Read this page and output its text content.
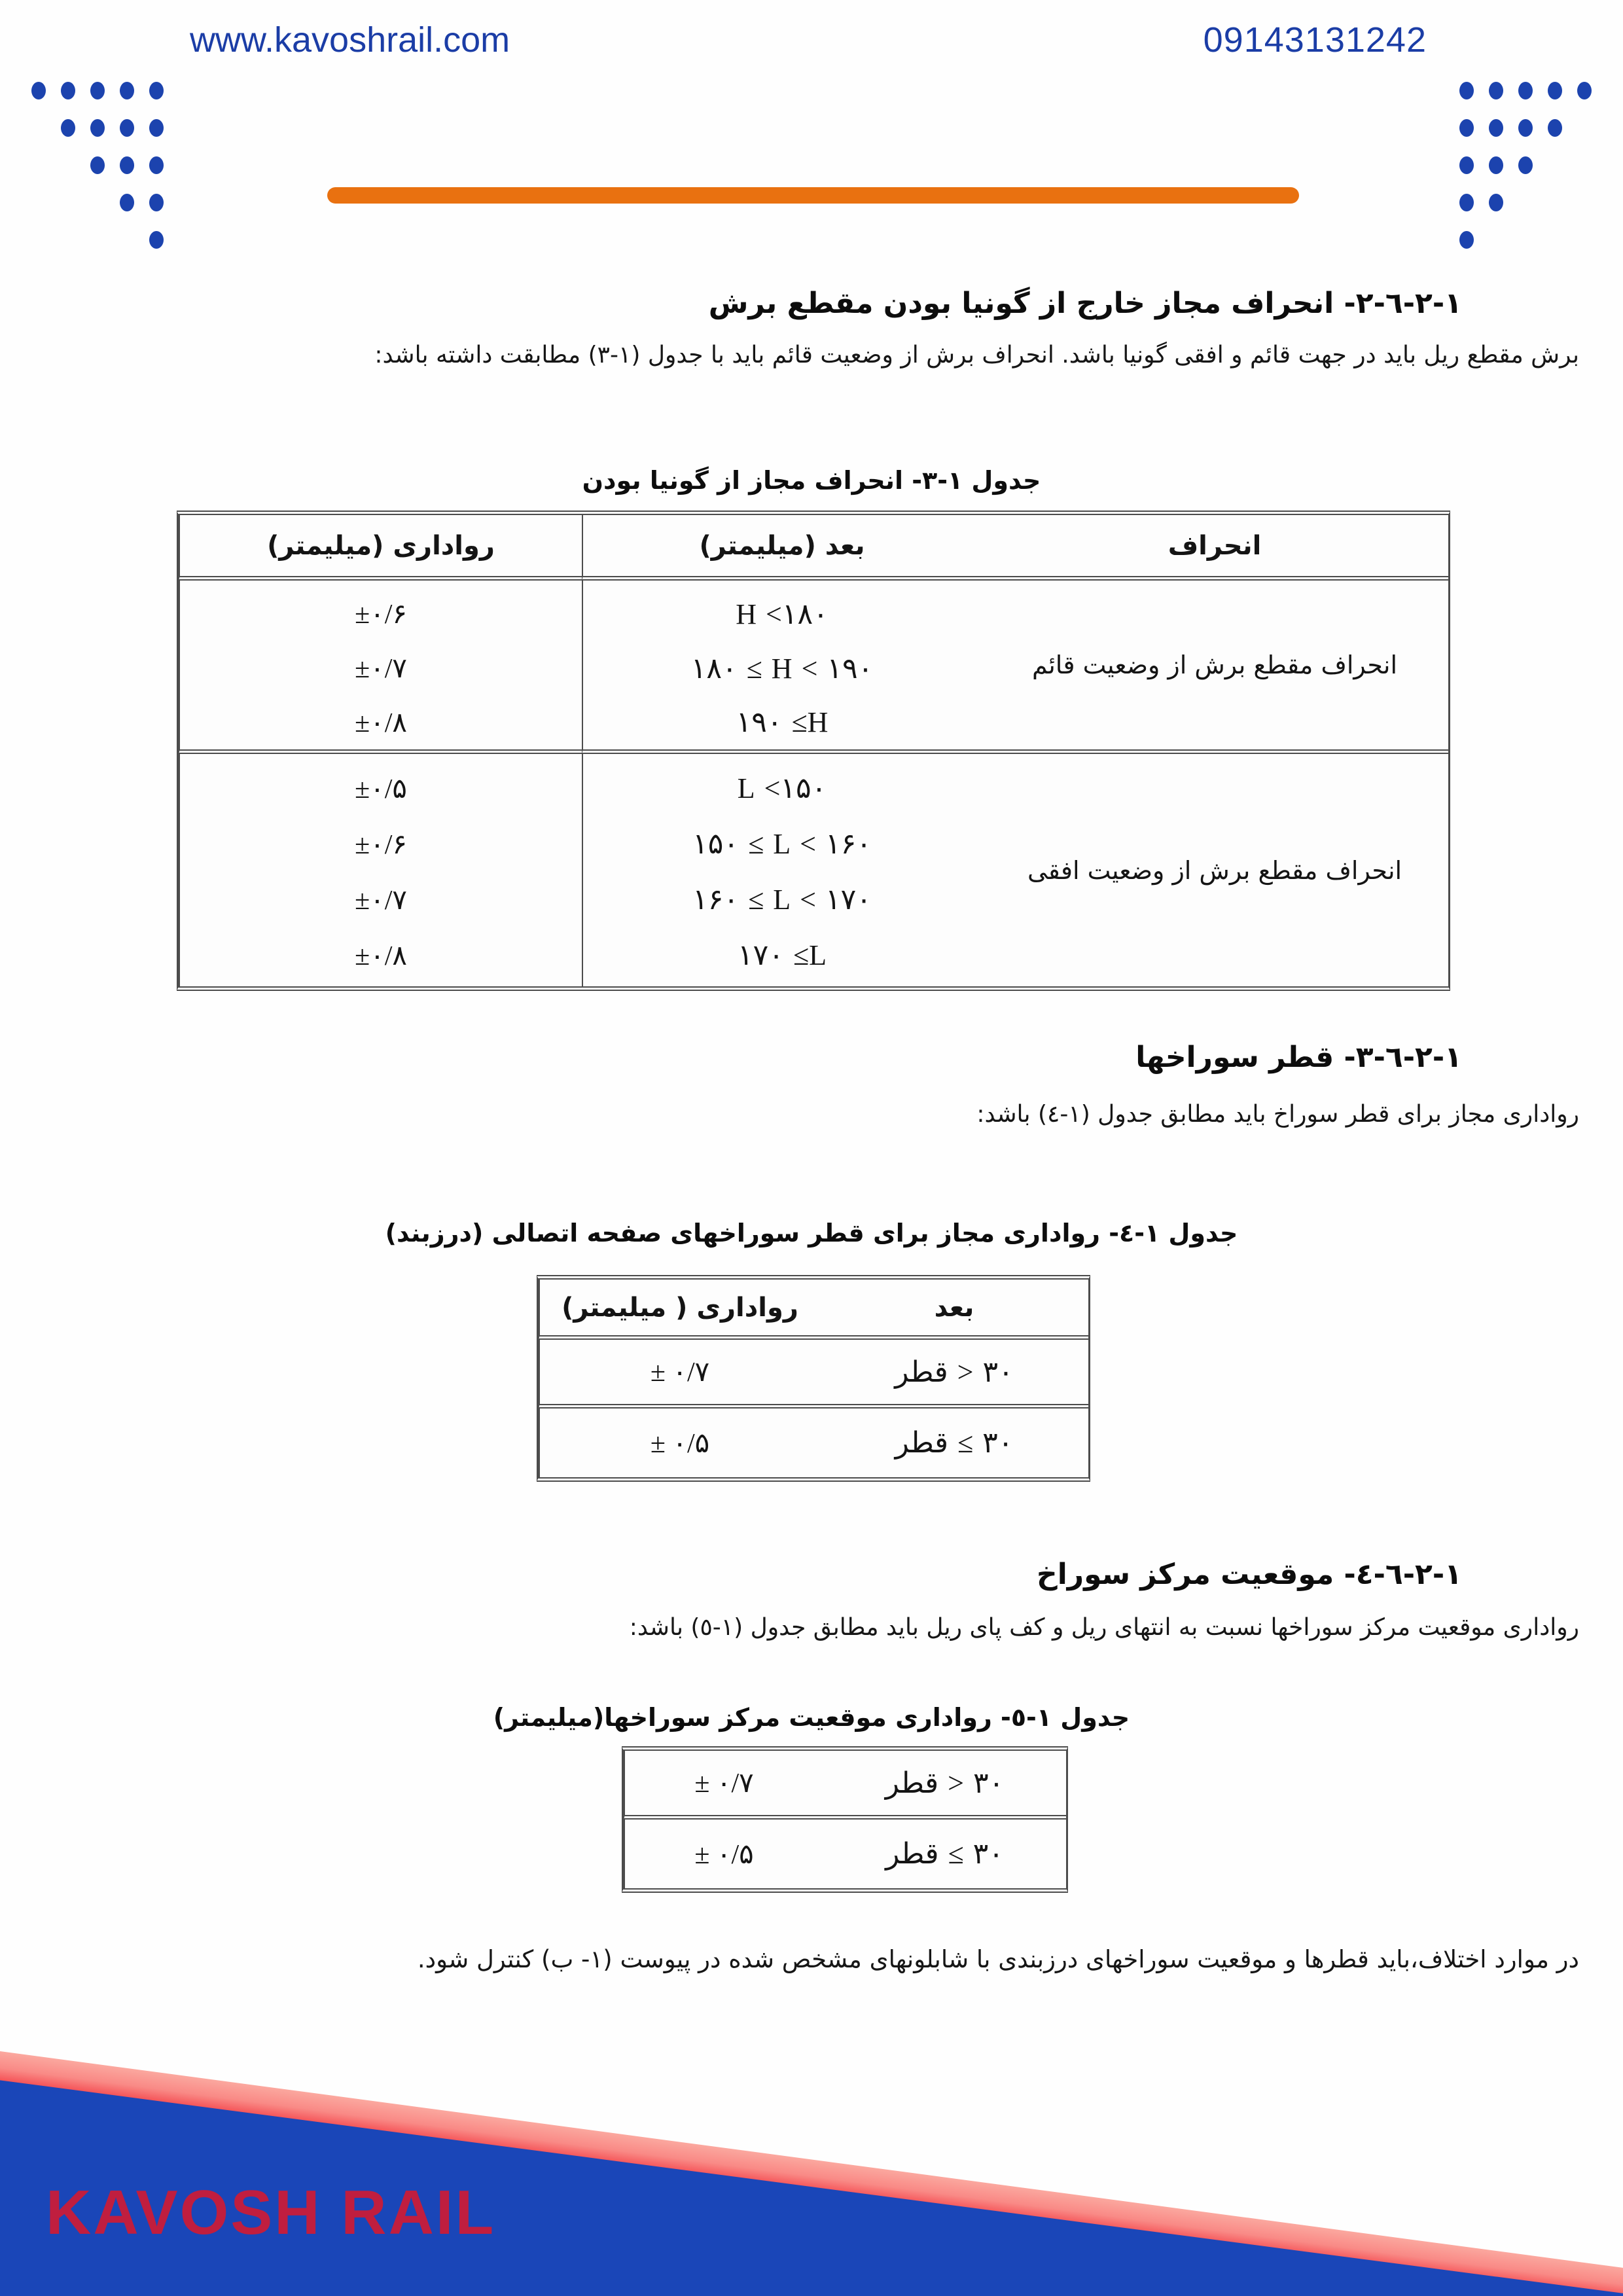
www.kavoshrail.com	09143131242
١-٢-٦-٢- انحراف مجاز خارج از گونیا بودن مقطع برش
برش مقطع ریل باید در جهت قائم و افقی گونیا باشد. انحراف برش از وضعیت قائم باید با جدول (١-٣) مطابقت داشته باشد:
جدول ١-٣- انحراف مجاز از گونیا بودن
انحراف
بعد (میلیمتر)
رواداری (میلیمتر)
انحراف مقطع برش از وضعیت قائم
H <۱۸۰
۱۸۰ ≤ H < ۱۹۰
۱۹۰ ≤H
±۰/۶
±۰/۷
±۰/۸
انحراف مقطع برش از وضعیت افقی
L <۱۵۰
۱۵۰ ≤ L < ۱۶۰
۱۶۰ ≤ L < ۱۷۰
۱۷۰ ≤L
±۰/۵
±۰/۶
±۰/۷
±۰/۸
١-٢-٦-٣- قطر سوراخها
رواداری مجاز برای قطر سوراخ باید مطابق جدول (١-٤) باشد:
جدول ١-٤- رواداری مجاز برای قطر سوراخهای صفحه اتصالی (درزبند)
بعد
رواداری ( میلیمتر)
قطر > ۳۰
± ۰/۷
قطر ≤ ۳۰
± ۰/۵
١-٢-٦-٤- موقعیت مرکز سوراخ
رواداری موقعیت مرکز سوراخها نسبت به انتهای ریل و کف پای ریل باید مطابق جدول (١-٥) باشد:
جدول ١-٥- رواداری موقعیت مرکز سوراخها(میلیمتر)
قطر > ۳۰
± ۰/۷
قطر ≤ ۳۰
± ۰/۵
در موارد اختلاف،باید قطرها و موقعیت سوراخهای درزبندی با شابلونهای مشخص شده در پیوست (١- ب) کنترل شود.
KAVOSH RAIL
